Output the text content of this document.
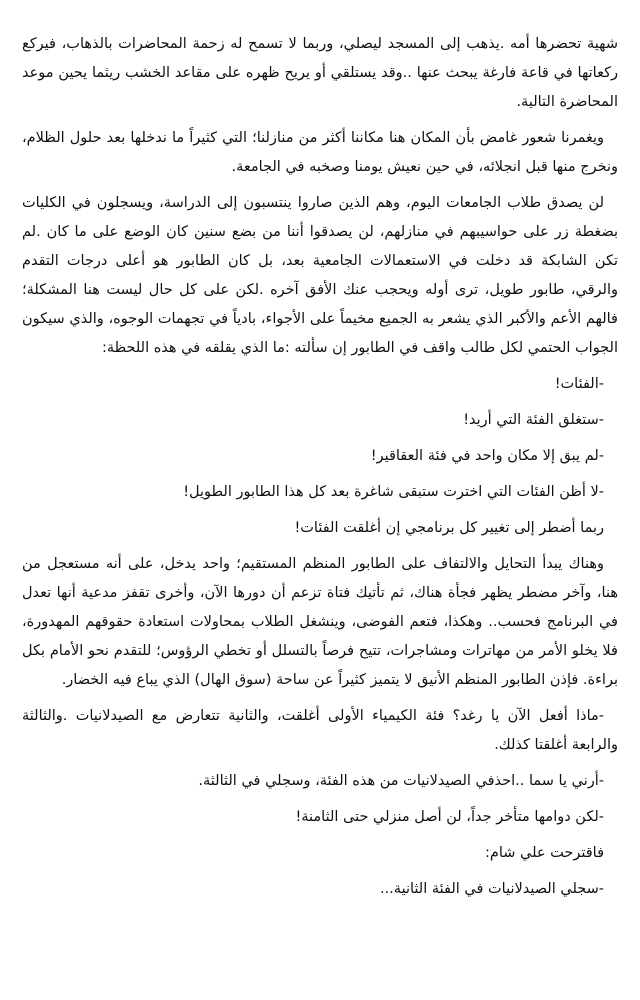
شهية تحضرها أمه .يذهب إلى المسجد ليصلي، وربما لا تسمح له زحمة المحاضرات بالذهاب، فيركع ركعاتها في قاعة فارغة يبحث عنها ..وقد يستلقي أو يريح ظهره على مقاعد الخشب ريثما يحين موعد المحاضرة التالية.

ويغمرنا شعور غامض بأن المكان هنا مكاننا أكثر من منازلنا؛ التي كثيراً ما ندخلها بعد حلول الظلام، ونخرج منها قبل انجلائه، في حين نعيش يومنا وصخبه في الجامعة.

لن يصدق طلاب الجامعات اليوم، وهم الذين صاروا ينتسبون إلى الدراسة، ويسجلون في الكليات بضغطة زر على حواسيبهم في منازلهم، لن يصدقوا أننا من بضع سنين كان الوضع على ما كان .لم تكن الشابكة قد دخلت في الاستعمالات الجامعية بعد، بل كان الطابور هو أعلى درجات التقدم والرقي، طابور طويل، ترى أوله ويحجب عنك الأفق آخره .لكن على كل حال ليست هنا المشكلة؛ فالهم الأعم والأكبر الذي يشعر به الجميع مخيماً على الأجواء، بادياً في تجهمات الوجوه، والذي سيكون الجواب الحتمي لكل طالب واقف في الطابور إن سألته :ما الذي يقلقه في هذه اللحظة:

-الفئات!

-ستغلق الفئة التي أريد!

-لم يبق إلا مكان واحد في فئة العقاقير!

-لا أظن الفئات التي اخترت ستبقى شاغرة بعد كل هذا الطابور الطويل!

ربما أضطر إلى تغيير كل برنامجي إن أغلقت الفئات!

وهناك يبدأ التحايل والالتفاف على الطابور المنظم المستقيم؛ واحد يدخل، على أنه مستعجل من هنا، وآخر مضطر يظهر فجأة هناك، ثم تأتيك فتاة تزعم أن دورها الآن، وأخرى تقفز مدعية أنها تعدل في البرنامج فحسب.. وهكذا، فتعم الفوضى، وينشغل الطلاب بمحاولات استعادة حقوقهم المهدورة، فلا يخلو الأمر من مهاترات ومشاجرات، تتيح فرصاً بالتسلل أو تخطي الرؤوس؛ للتقدم نحو الأمام بكل براءة. فإذن الطابور المنظم الأنيق لا يتميز كثيراً عن ساحة (سوق الهال) الذي يباع فيه الخضار.

-ماذا أفعل الآن يا رغد؟ فئة الكيمياء الأولى أغلقت، والثانية تتعارض مع الصيدلانيات .والثالثة والرابعة أغلقتا كذلك.

-أرني يا سما ..احذفي الصيدلانيات من هذه الفئة، وسجلي في الثالثة.

-لكن دوامها متأخر جداً، لن أصل منزلي حتى الثامنة!

فاقترحت علي شام:

-سجلي الصيدلانيات في الفئة الثانية...
